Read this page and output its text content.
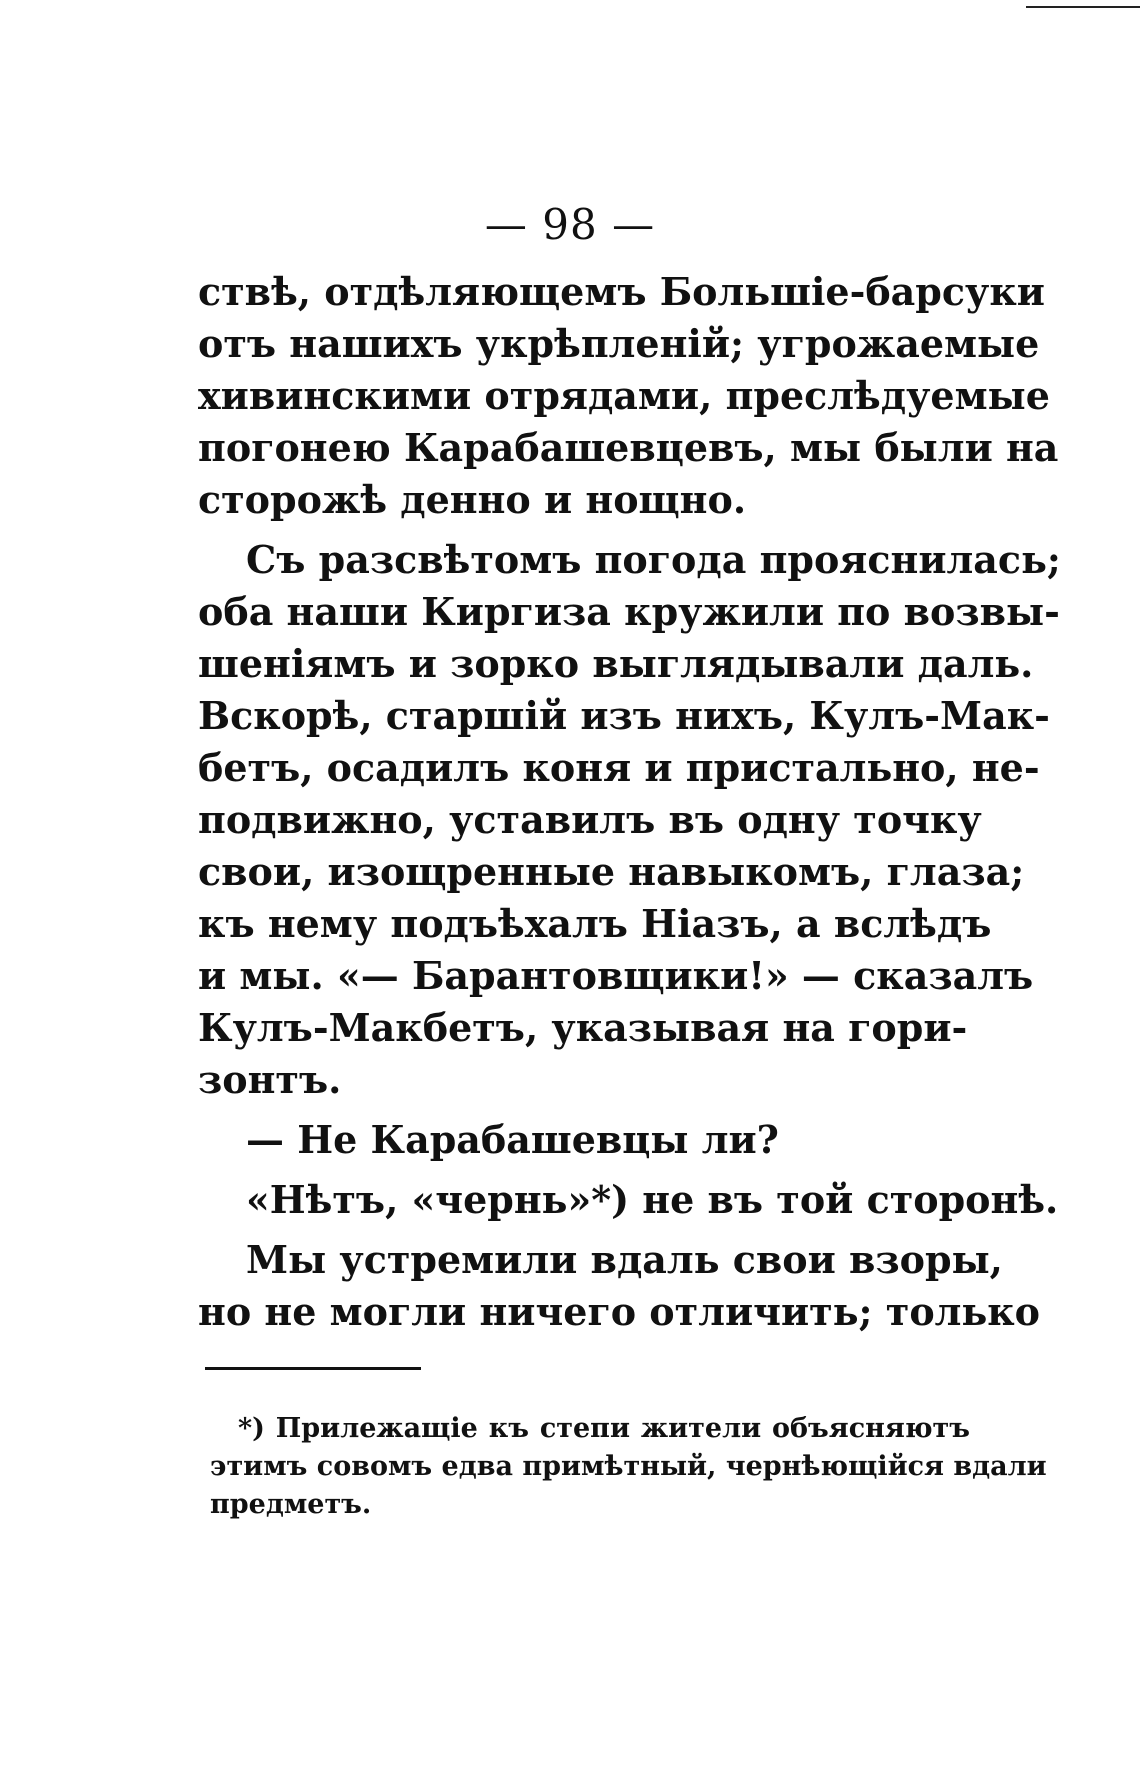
— 98 —
ствѣ, отдѣляющемъ Большіе-барсуки
отъ нашихъ укрѣпленій; угрожаемые
хивинскими отрядами, преслѣдуемые
погонею Карабашевцевъ, мы были на
сторожѣ денно и нощно.
Съ разсвѣтомъ погода прояснилась;
оба наши Киргиза кружили по возвы-
шеніямъ и зорко выглядывали даль.
Вскорѣ, старшій изъ нихъ, Кулъ-Мак-
бетъ, осадилъ коня и пристально, не-
подвижно, уставилъ въ одну точку
свои, изощренные навыкомъ, глаза;
къ нему подъѣхалъ Ніазъ, а вслѣдъ
и мы. «— Барантовщики!» — сказалъ
Кулъ-Макбетъ, указывая на гори-
зонтъ.
— Не Карабашевцы ли?
«Нѣтъ, «чернь»*) не въ той сторонѣ.
Мы устремили вдаль свои взоры,
но не могли ничего отличить; только
*) Прилежащіе къ степи жители объясняютъ
этимъ совомъ едва примѣтный, чернѣющійся вдали
предметъ.
